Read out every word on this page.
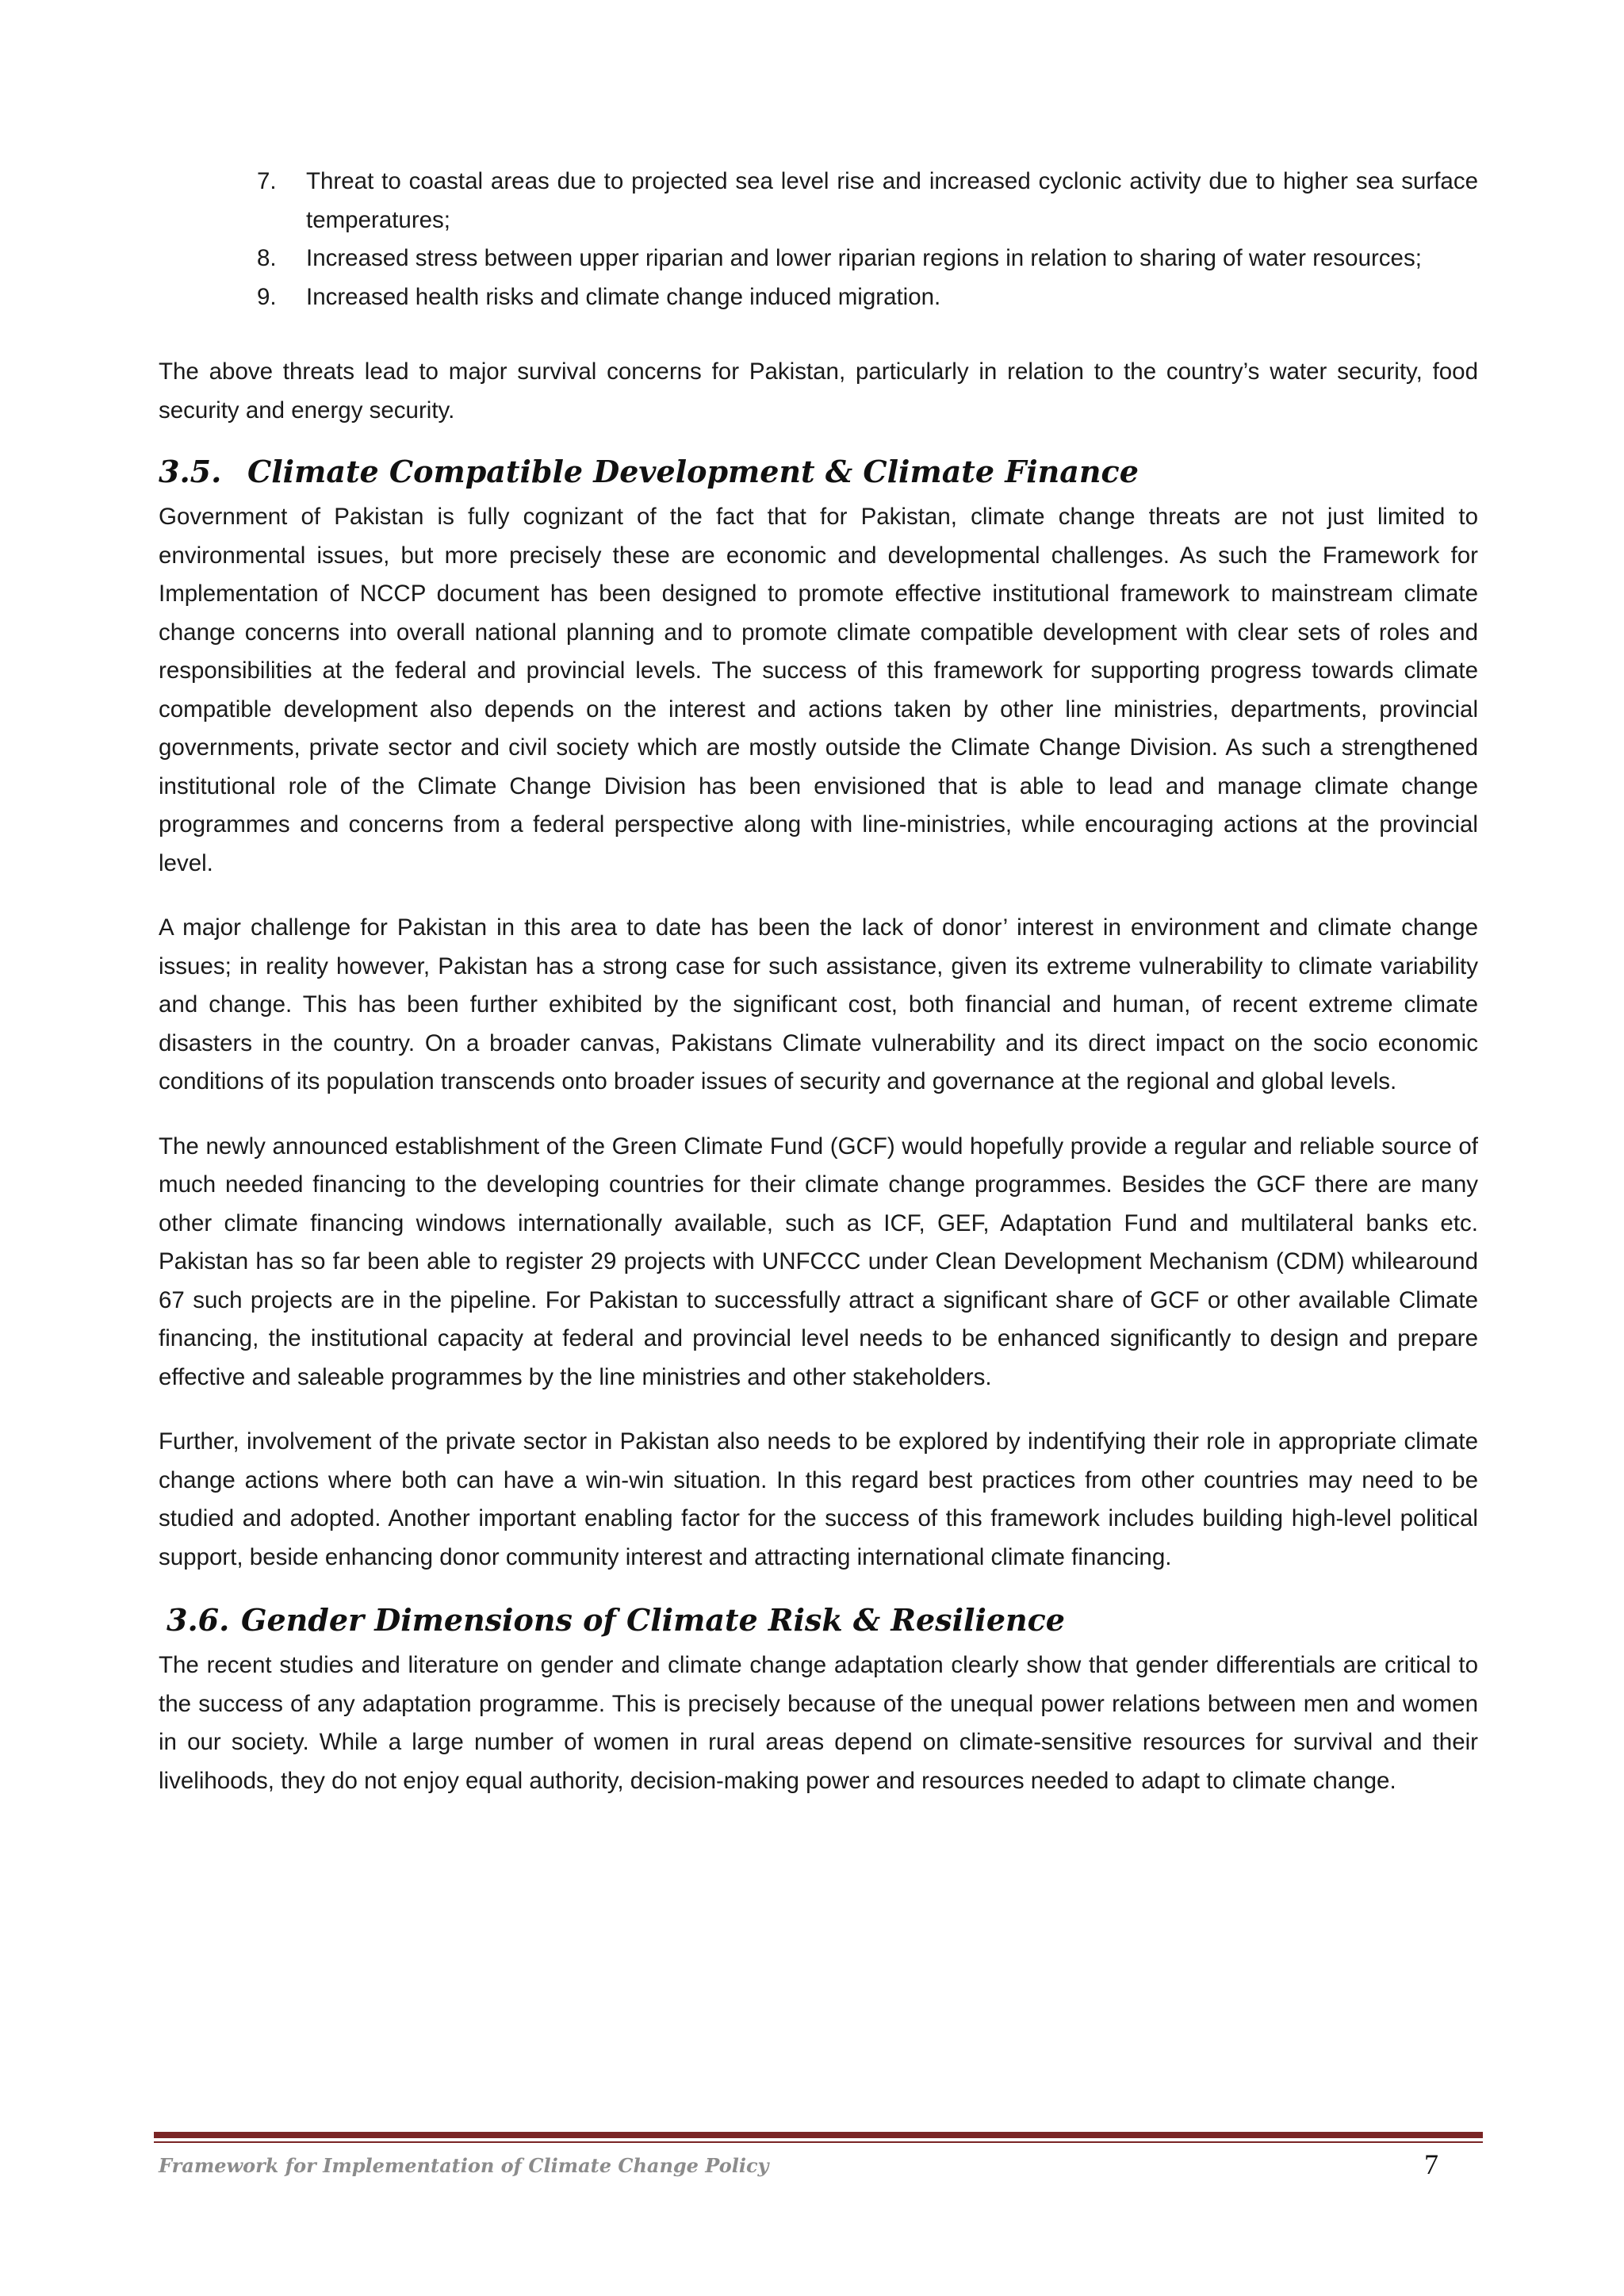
7. Threat to coastal areas due to projected sea level rise and increased cyclonic activity due to higher sea surface temperatures;
8. Increased stress between upper riparian and lower riparian regions in relation to sharing of water resources;
9. Increased health risks and climate change induced migration.

The above threats lead to major survival concerns for Pakistan, particularly in relation to the country’s water security, food security and energy security.

3.5. Climate Compatible Development & Climate Finance

Government of Pakistan is fully cognizant of the fact that for Pakistan, climate change threats are not just limited to environmental issues, but more precisely these are economic and developmental challenges. As such the Framework for Implementation of NCCP document has been designed to promote effective institutional framework to mainstream climate change concerns into overall national planning and to promote climate compatible development with clear sets of roles and responsibilities at the federal and provincial levels. The success of this framework for supporting progress towards climate compatible development also depends on the interest and actions taken by other line ministries, departments, provincial governments, private sector and civil society which are mostly outside the Climate Change Division. As such a strengthened institutional role of the Climate Change Division has been envisioned that is able to lead and manage climate change programmes and concerns from a federal perspective along with line-ministries, while encouraging actions at the provincial level.

A major challenge for Pakistan in this area to date has been the lack of donor’ interest in environment and climate change issues; in reality however, Pakistan has a strong case for such assistance, given its extreme vulnerability to climate variability and change. This has been further exhibited by the significant cost, both financial and human, of recent extreme climate disasters in the country. On a broader canvas, Pakistans Climate vulnerability and its direct impact on the socio economic conditions of its population transcends onto broader issues of security and governance at the regional and global levels.

The newly announced establishment of the Green Climate Fund (GCF) would hopefully provide a regular and reliable source of much needed financing to the developing countries for their climate change programmes. Besides the GCF there are many other climate financing windows internationally available, such as ICF, GEF, Adaptation Fund and multilateral banks etc. Pakistan has so far been able to register 29 projects with UNFCCC under Clean Development Mechanism (CDM) whilearound 67 such projects are in the pipeline. For Pakistan to successfully attract a significant share of GCF or other available Climate financing, the institutional capacity at federal and provincial level needs to be enhanced significantly to design and prepare effective and saleable programmes by the line ministries and other stakeholders.

Further, involvement of the private sector in Pakistan also needs to be explored by indentifying their role in appropriate climate change actions where both can have a win-win situation. In this regard best practices from other countries may need to be studied and adopted. Another important enabling factor for the success of this framework includes building high-level political support, beside enhancing donor community interest and attracting international climate financing.

3.6. Gender Dimensions of Climate Risk & Resilience

The recent studies and literature on gender and climate change adaptation clearly show that gender differentials are critical to the success of any adaptation programme. This is precisely because of the unequal power relations between men and women in our society. While a large number of women in rural areas depend on climate-sensitive resources for survival and their livelihoods, they do not enjoy equal authority, decision-making power and resources needed to adapt to climate change.

Framework for Implementation of Climate Change Policy	7
